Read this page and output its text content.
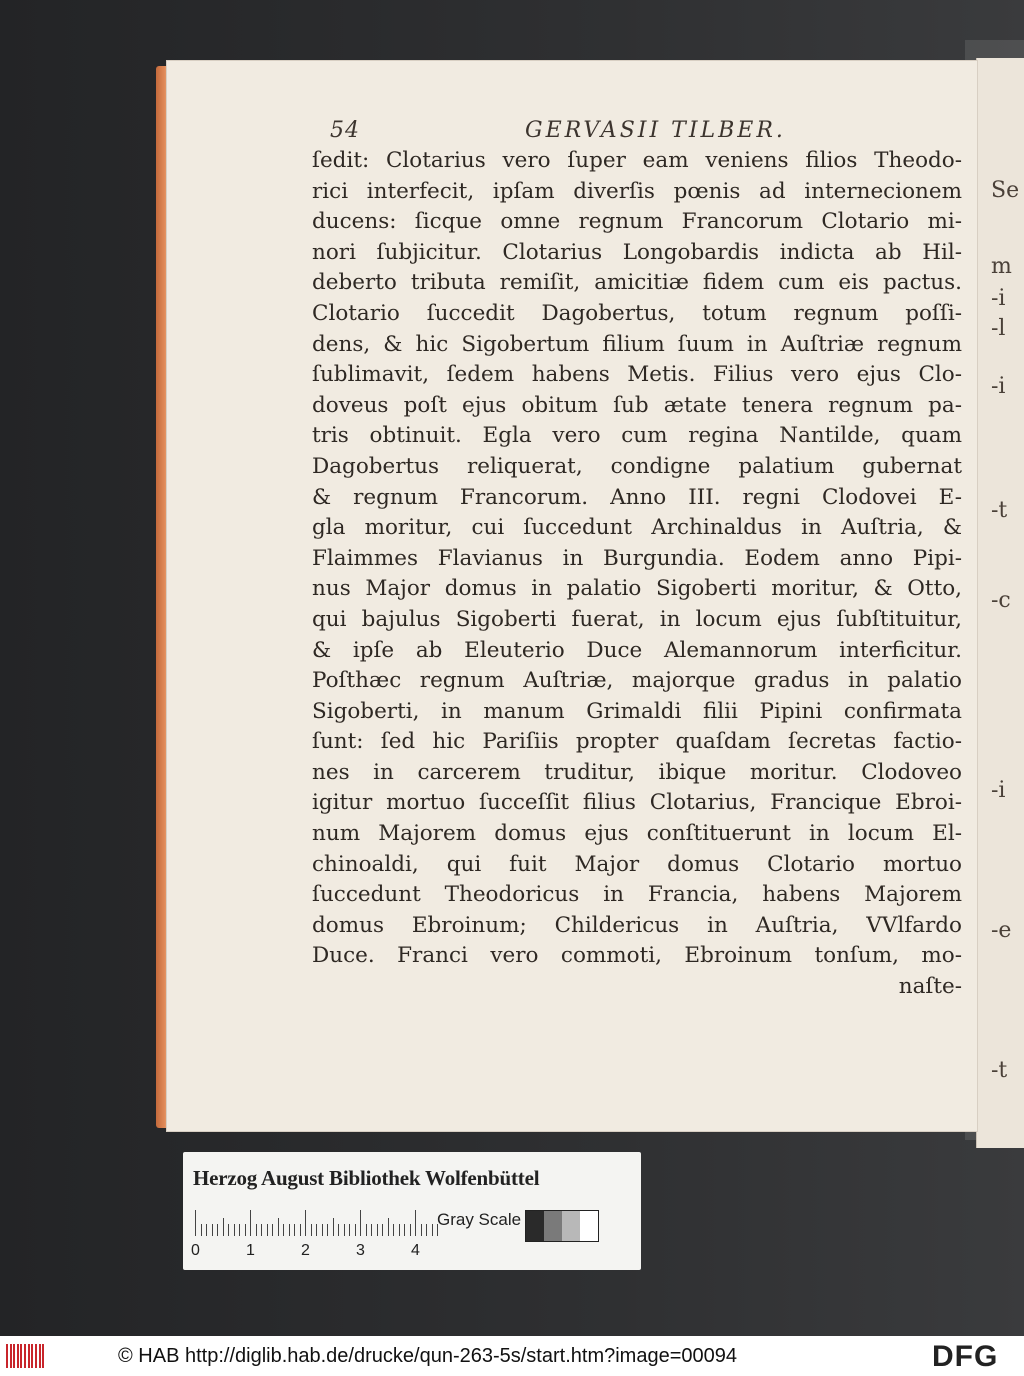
Se
m
-i
-l
-i
-t
-c
-i
-e
-t
54	GERVASII TILBER.
ſedit: Clotarius vero ſuper eam veniens filios Theodo-
rici interfecit, ipſam diverſis pœnis ad internecionem
ducens: ſicque omne regnum Francorum Clotario mi-
nori ſubjicitur. Clotarius Longobardis indicta ab Hil-
deberto tributa remiſit, amicitiæ fidem cum eis pactus.
Clotario ſuccedit Dagobertus, totum regnum poſſi-
dens, & hic Sigobertum filium ſuum in Auſtriæ regnum
ſublimavit, ſedem habens Metis. Filius vero ejus Clo-
doveus poſt ejus obitum ſub ætate tenera regnum pa-
tris obtinuit. Egla vero cum regina Nantilde, quam
Dagobertus reliquerat, condigne palatium gubernat
& regnum Francorum. Anno III. regni Clodovei E-
gla moritur, cui ſuccedunt Archinaldus in Auſtria, &
Flaimmes Flavianus in Burgundia. Eodem anno Pipi-
nus Major domus in palatio Sigoberti moritur, & Otto,
qui bajulus Sigoberti fuerat, in locum ejus ſubſtituitur,
& ipſe ab Eleuterio Duce Alemannorum interficitur.
Poſthæc regnum Auſtriæ, majorque gradus in palatio
Sigoberti, in manum Grimaldi filii Pipini confirmata
ſunt: ſed hic Pariſiis propter quaſdam ſecretas factio-
nes in carcerem truditur, ibique moritur. Clodoveo
igitur mortuo ſucceſſit filius Clotarius, Francique Ebroi-
num Majorem domus ejus conſtituerunt in locum El-
chinoaldi, qui fuit Major domus Clotario mortuo
ſuccedunt Theodoricus in Francia, habens Majorem
domus Ebroinum; Childericus in Auſtria, VVlfardo
Duce. Franci vero commoti, Ebroinum tonſum, mo-
naſte-
Herzog August Bibliothek Wolfenbüttel
0	1	2	3	4
Gray Scale
© HAB http://diglib.hab.de/drucke/qun-263-5s/start.htm?image=00094	DFG
